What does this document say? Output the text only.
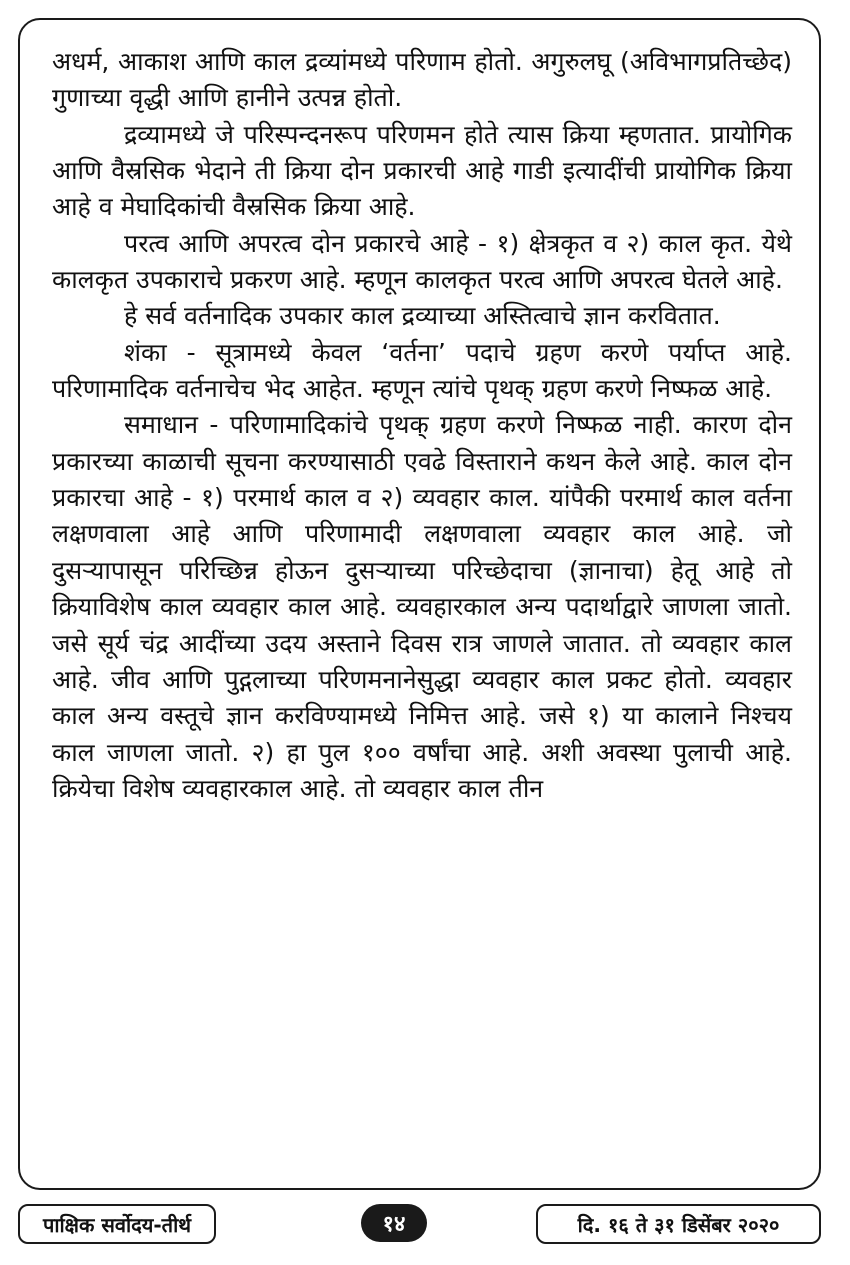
अधर्म, आकाश आणि काल द्रव्यांमध्ये परिणाम होतो. अगुरुलघू (अविभागप्रतिच्छेद) गुणाच्या वृद्धी आणि हानीने उत्पन्न होतो.

द्रव्यामध्ये जे परिस्पन्दनरूप परिणमन होते त्यास क्रिया म्हणतात. प्रायोगिक आणि वैस्रसिक भेदाने ती क्रिया दोन प्रकारची आहे गाडी इत्यादींची प्रायोगिक क्रिया आहे व मेघादिकांची वैस्रसिक क्रिया आहे.

परत्व आणि अपरत्व दोन प्रकारचे आहे - १) क्षेत्रकृत व २) काल कृत. येथे कालकृत उपकाराचे प्रकरण आहे. म्हणून कालकृत परत्व आणि अपरत्व घेतले आहे.

हे सर्व वर्तनादिक उपकार काल द्रव्याच्या अस्तित्वाचे ज्ञान करवितात.

शंका - सूत्रामध्ये केवल ‘वर्तना’ पदाचे ग्रहण करणे पर्याप्त आहे. परिणामादिक वर्तनाचेच भेद आहेत. म्हणून त्यांचे पृथक् ग्रहण करणे निष्फळ आहे.

समाधान - परिणामादिकांचे पृथक् ग्रहण करणे निष्फळ नाही. कारण दोन प्रकारच्या काळाची सूचना करण्यासाठी एवढे विस्ताराने कथन केले आहे. काल दोन प्रकारचा आहे - १) परमार्थ काल व २) व्यवहार काल. यांपैकी परमार्थ काल वर्तना लक्षणवाला आहे आणि परिणामादी लक्षणवाला व्यवहार काल आहे. जो दुसऱ्यापासून परिच्छिन्न होऊन दुसऱ्याच्या परिच्छेदाचा (ज्ञानाचा) हेतू आहे तो क्रियाविशेष काल व्यवहार काल आहे. व्यवहारकाल अन्य पदार्थाद्वारे जाणला जातो. जसे सूर्य चंद्र आदींच्या उदय अस्ताने दिवस रात्र जाणले जातात. तो व्यवहार काल आहे. जीव आणि पुद्गलाच्या परिणमनानेसुद्धा व्यवहार काल प्रकट होतो. व्यवहार काल अन्य वस्तूचे ज्ञान करविण्यामध्ये निमित्त आहे. जसे १) या कालाने निश्चय काल जाणला जातो. २) हा पुल १०० वर्षांचा आहे. अशी अवस्था पुलाची आहे. क्रियेचा विशेष व्यवहारकाल आहे. तो व्यवहार काल तीन

पाक्षिक सर्वोदय-तीर्थ	१४	दि. १६ ते ३१ डिसेंबर २०२०
